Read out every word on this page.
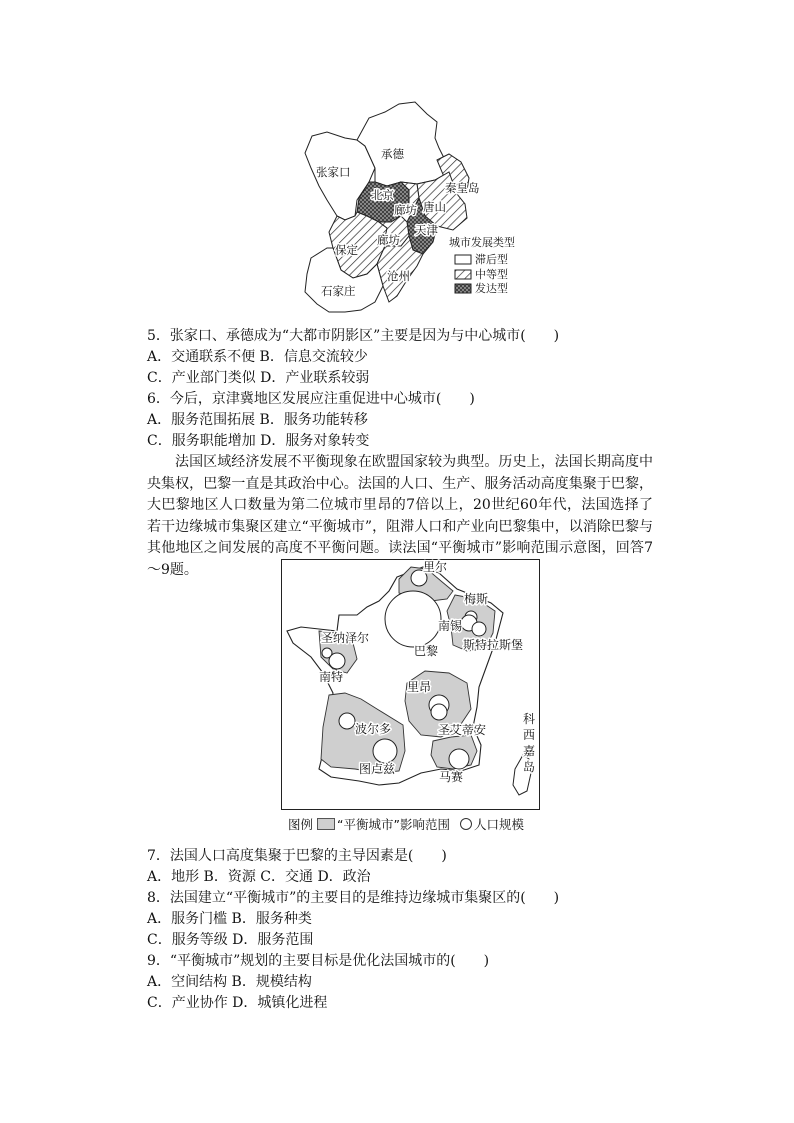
承德
张家口
秦皇岛
北京
廊坊 唐山
天津
保定
廊坊
沧州
石家庄
城市发展类型
滞后型
中等型
发达型
5．张家口、承德成为“大都市阴影区”主要是因为与中心城市(　　)
A．交通联系不便 B．信息交流较少
C．产业部门类似 D．产业联系较弱
6．今后，京津冀地区发展应注重促进中心城市(　　)
A．服务范围拓展 B．服务功能转移
C．服务职能增加 D．服务对象转变
法国区域经济发展不平衡现象在欧盟国家较为典型。历史上，法国长期高度中央集权，巴黎一直是其政治中心。法国的人口、生产、服务活动高度集聚于巴黎，大巴黎地区人口数量为第二位城市里昂的7倍以上，20世纪60年代，法国选择了若干边缘城市集聚区建立“平衡城市”，阻滞人口和产业向巴黎集中，以消除巴黎与其他地区之间发展的高度不平衡问题。读法国“平衡城市”影响范围示意图，回答7～9题。	里尔
梅斯
南锡
斯特拉斯堡
巴黎
圣纳泽尔
南特
里昂
圣艾蒂安
波尔多
图卢兹
马赛
科
西
嘉
岛
图例 “平衡城市”影响范围 人口规模
7．法国人口高度集聚于巴黎的主导因素是(　　)
A．地形 B．资源 C．交通 D．政治
8．法国建立“平衡城市”的主要目的是维持边缘城市集聚区的(　　)
A．服务门槛 B．服务种类
C．服务等级 D．服务范围
9．“平衡城市”规划的主要目标是优化法国城市的(　　)
A．空间结构 B．规模结构
C．产业协作 D．城镇化进程
